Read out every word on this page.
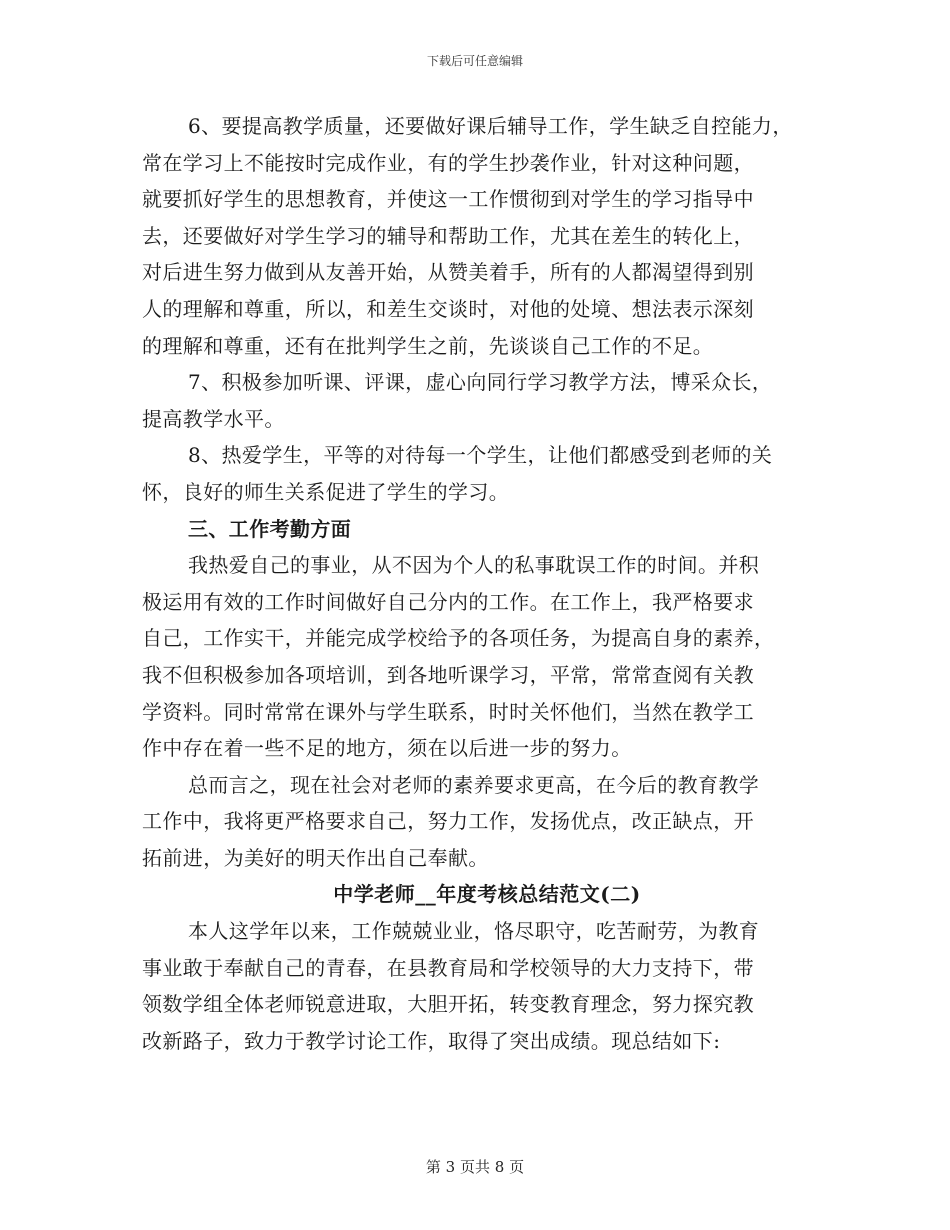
下载后可任意编辑
6、要提高教学质量，还要做好课后辅导工作，学生缺乏自控能力，
常在学习上不能按时完成作业，有的学生抄袭作业，针对这种问题，
就要抓好学生的思想教育，并使这一工作惯彻到对学生的学习指导中
去，还要做好对学生学习的辅导和帮助工作，尤其在差生的转化上，
对后进生努力做到从友善开始，从赞美着手，所有的人都渴望得到别
人的理解和尊重，所以，和差生交谈时，对他的处境、想法表示深刻
的理解和尊重，还有在批判学生之前，先谈谈自己工作的不足。
7、积极参加听课、评课，虚心向同行学习教学方法，博采众长，
提高教学水平。
8、热爱学生，平等的对待每一个学生，让他们都感受到老师的关
怀，良好的师生关系促进了学生的学习。
三、工作考勤方面
我热爱自己的事业，从不因为个人的私事耽误工作的时间。并积
极运用有效的工作时间做好自己分内的工作。在工作上，我严格要求
自己，工作实干，并能完成学校给予的各项任务，为提高自身的素养，
我不但积极参加各项培训，到各地听课学习，平常，常常查阅有关教
学资料。同时常常在课外与学生联系，时时关怀他们，当然在教学工
作中存在着一些不足的地方，须在以后进一步的努力。
总而言之，现在社会对老师的素养要求更高，在今后的教育教学
工作中，我将更严格要求自己，努力工作，发扬优点，改正缺点，开
拓前进，为美好的明天作出自己奉献。
中学老师__年度考核总结范文(二)
本人这学年以来，工作兢兢业业，恪尽职守，吃苦耐劳，为教育
事业敢于奉献自己的青春，在县教育局和学校领导的大力支持下，带
领数学组全体老师锐意进取，大胆开拓，转变教育理念，努力探究教
改新路子，致力于教学讨论工作，取得了突出成绩。现总结如下:
第 3 页共 8 页
